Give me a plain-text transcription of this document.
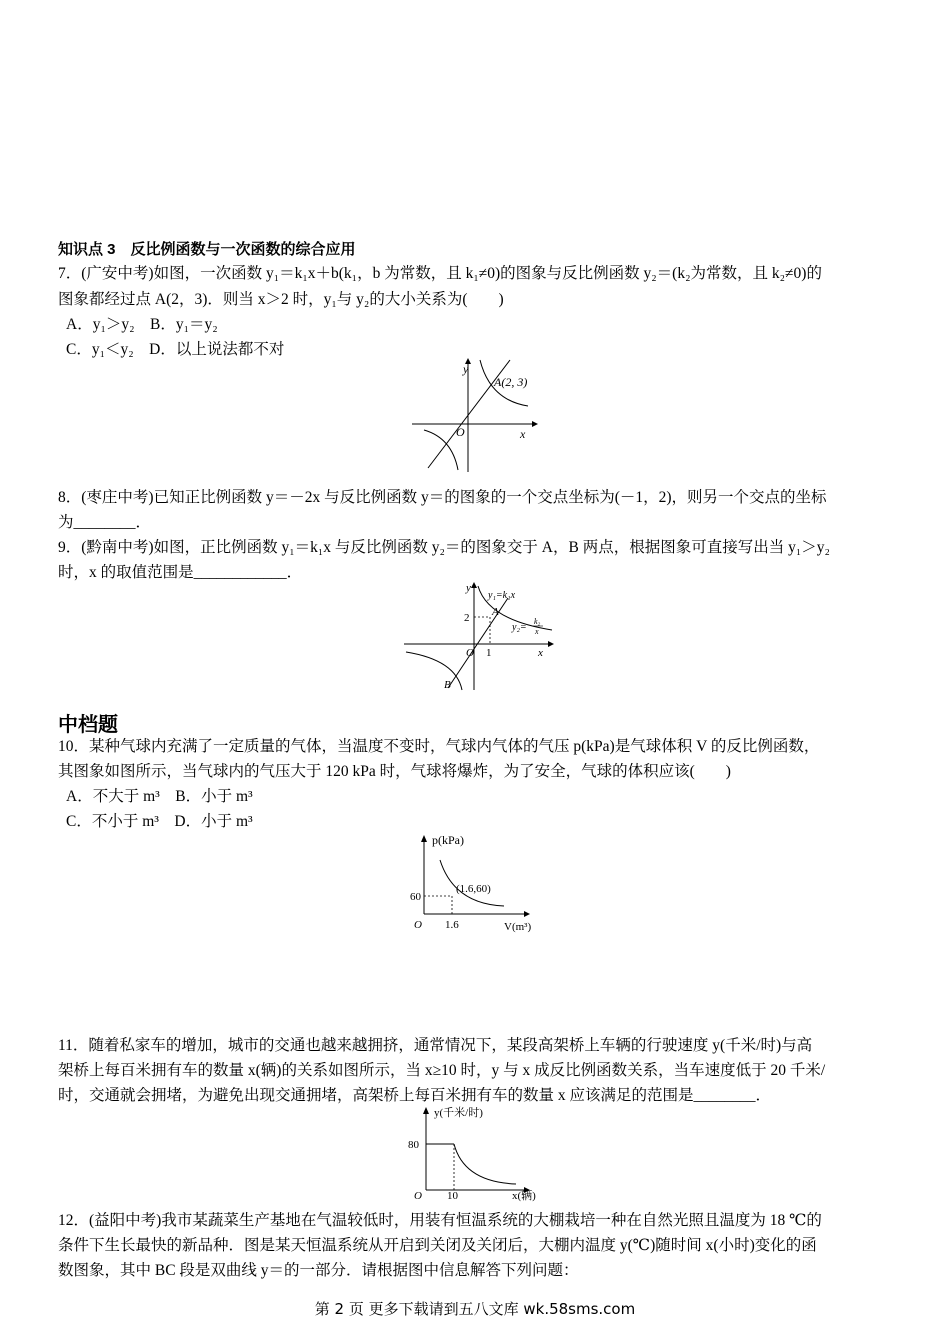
知识点 3　反比例函数与一次函数的综合应用
7．(广安中考)如图，一次函数 y₁＝k₁x＋b(k₁，b 为常数，且 k₁≠0)的图象与反比例函数 y₂＝(k₂为常数，且 k₂≠0)的
图象都经过点 A(2，3)．则当 x＞2 时，y₁与 y₂的大小关系为(　　)
A．y₁＞y₂　B．y₁＝y₂
C．y₁＜y₂　D．以上说法都不对
y
A(2, 3)
O	x
8．(枣庄中考)已知正比例函数 y＝－2x 与反比例函数 y＝的图象的一个交点坐标为(－1，2)，则另一个交点的坐标
为________．
9．(黔南中考)如图，正比例函数 y₁＝k₁x 与反比例函数 y₂＝的图象交于 A，B 两点，根据图象可直接写出当 y₁＞y₂
时，x 的取值范围是____________．
y
y₁=k₁x
2 A
y₂=
k₂
x
O 1	x
B
中档题
10．某种气球内充满了一定质量的气体，当温度不变时，气球内气体的气压 p(kPa)是气球体积 V 的反比例函数，
其图象如图所示，当气球内的气压大于 120 kPa 时，气球将爆炸，为了安全，气球的体积应该(　　)
A．不大于 m³　B．小于 m³
C．不小于 m³　D．小于 m³
p(kPa)
(1.6,60)
60
O 1.6	V(m³)
11．随着私家车的增加，城市的交通也越来越拥挤，通常情况下，某段高架桥上车辆的行驶速度 y(千米/时)与高
架桥上每百米拥有车的数量 x(辆)的关系如图所示，当 x≥10 时，y 与 x 成反比例函数关系，当车速度低于 20 千米/
时，交通就会拥堵，为避免出现交通拥堵，高架桥上每百米拥有车的数量 x 应该满足的范围是________．
y(千米/时)
80
O 10	x(辆)
12．(益阳中考)我市某蔬菜生产基地在气温较低时，用装有恒温系统的大棚栽培一种在自然光照且温度为 18 ℃的
条件下生长最快的新品种．图是某天恒温系统从开启到关闭及关闭后，大棚内温度 y(℃)随时间 x(小时)变化的函
数图象，其中 BC 段是双曲线 y＝的一部分．请根据图中信息解答下列问题：
第 2 页 更多下载请到五八文库 wk.58sms.com
